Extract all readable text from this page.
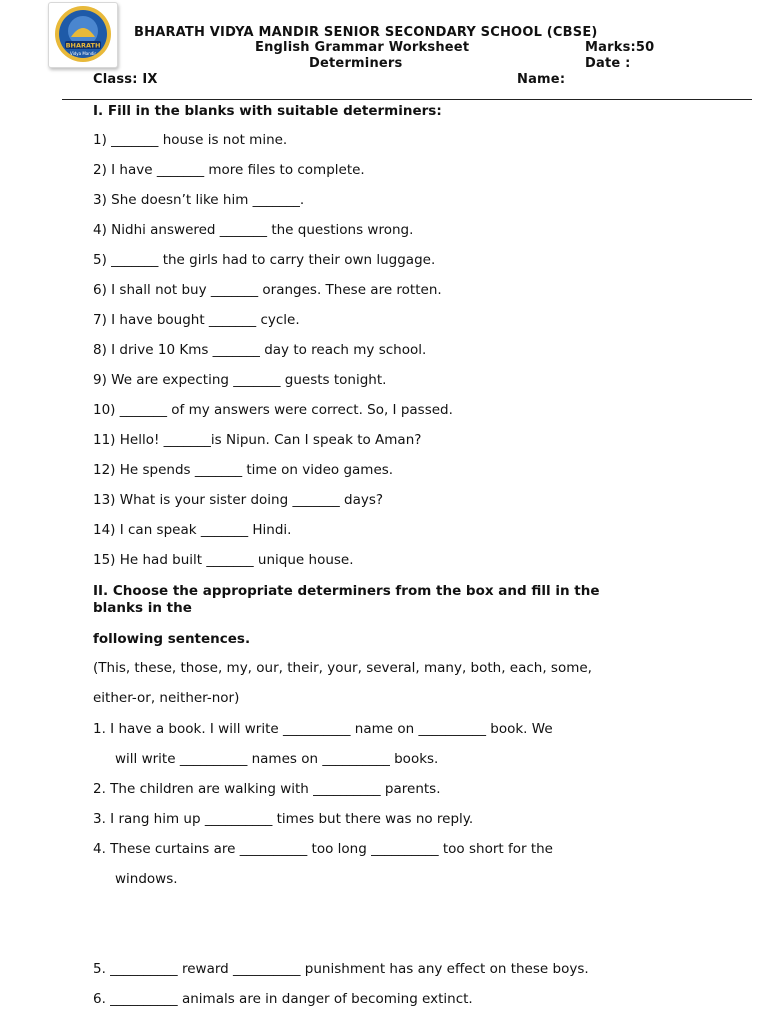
BHARATH
Vidya Mandir
BHARATH VIDYA MANDIR SENIOR SECONDARY SCHOOL (CBSE)
English Grammar Worksheet	Marks:50
Determiners	Date :
Class: IX	Name:
I. Fill in the blanks with suitable determiners:
1) _______ house is not mine.
2) I have _______ more files to complete.
3) She doesn’t like him _______.
4) Nidhi answered _______ the questions wrong.
5) _______ the girls had to carry their own luggage.
6) I shall not buy _______ oranges. These are rotten.
7) I have bought _______ cycle.
8) I drive 10 Kms _______ day to reach my school.
9) We are expecting _______ guests tonight.
10) _______ of my answers were correct. So, I passed.
11) Hello! _______is Nipun. Can I speak to Aman?
12) He spends _______ time on video games.
13) What is your sister doing _______ days?
14) I can speak _______ Hindi.
15) He had built _______ unique house.
II. Choose the appropriate determiners from the box and fill in the
blanks in the
following sentences.
(This, these, those, my, our, their, your, several, many, both, each, some,
either-or, neither-nor)
1. I have a book. I will write __________ name on __________ book. We
will write __________ names on __________ books.
2. The children are walking with __________ parents.
3. I rang him up __________ times but there was no reply.
4. These curtains are __________ too long __________ too short for the
windows.
5. __________ reward __________ punishment has any effect on these boys.
6. __________ animals are in danger of becoming extinct.
